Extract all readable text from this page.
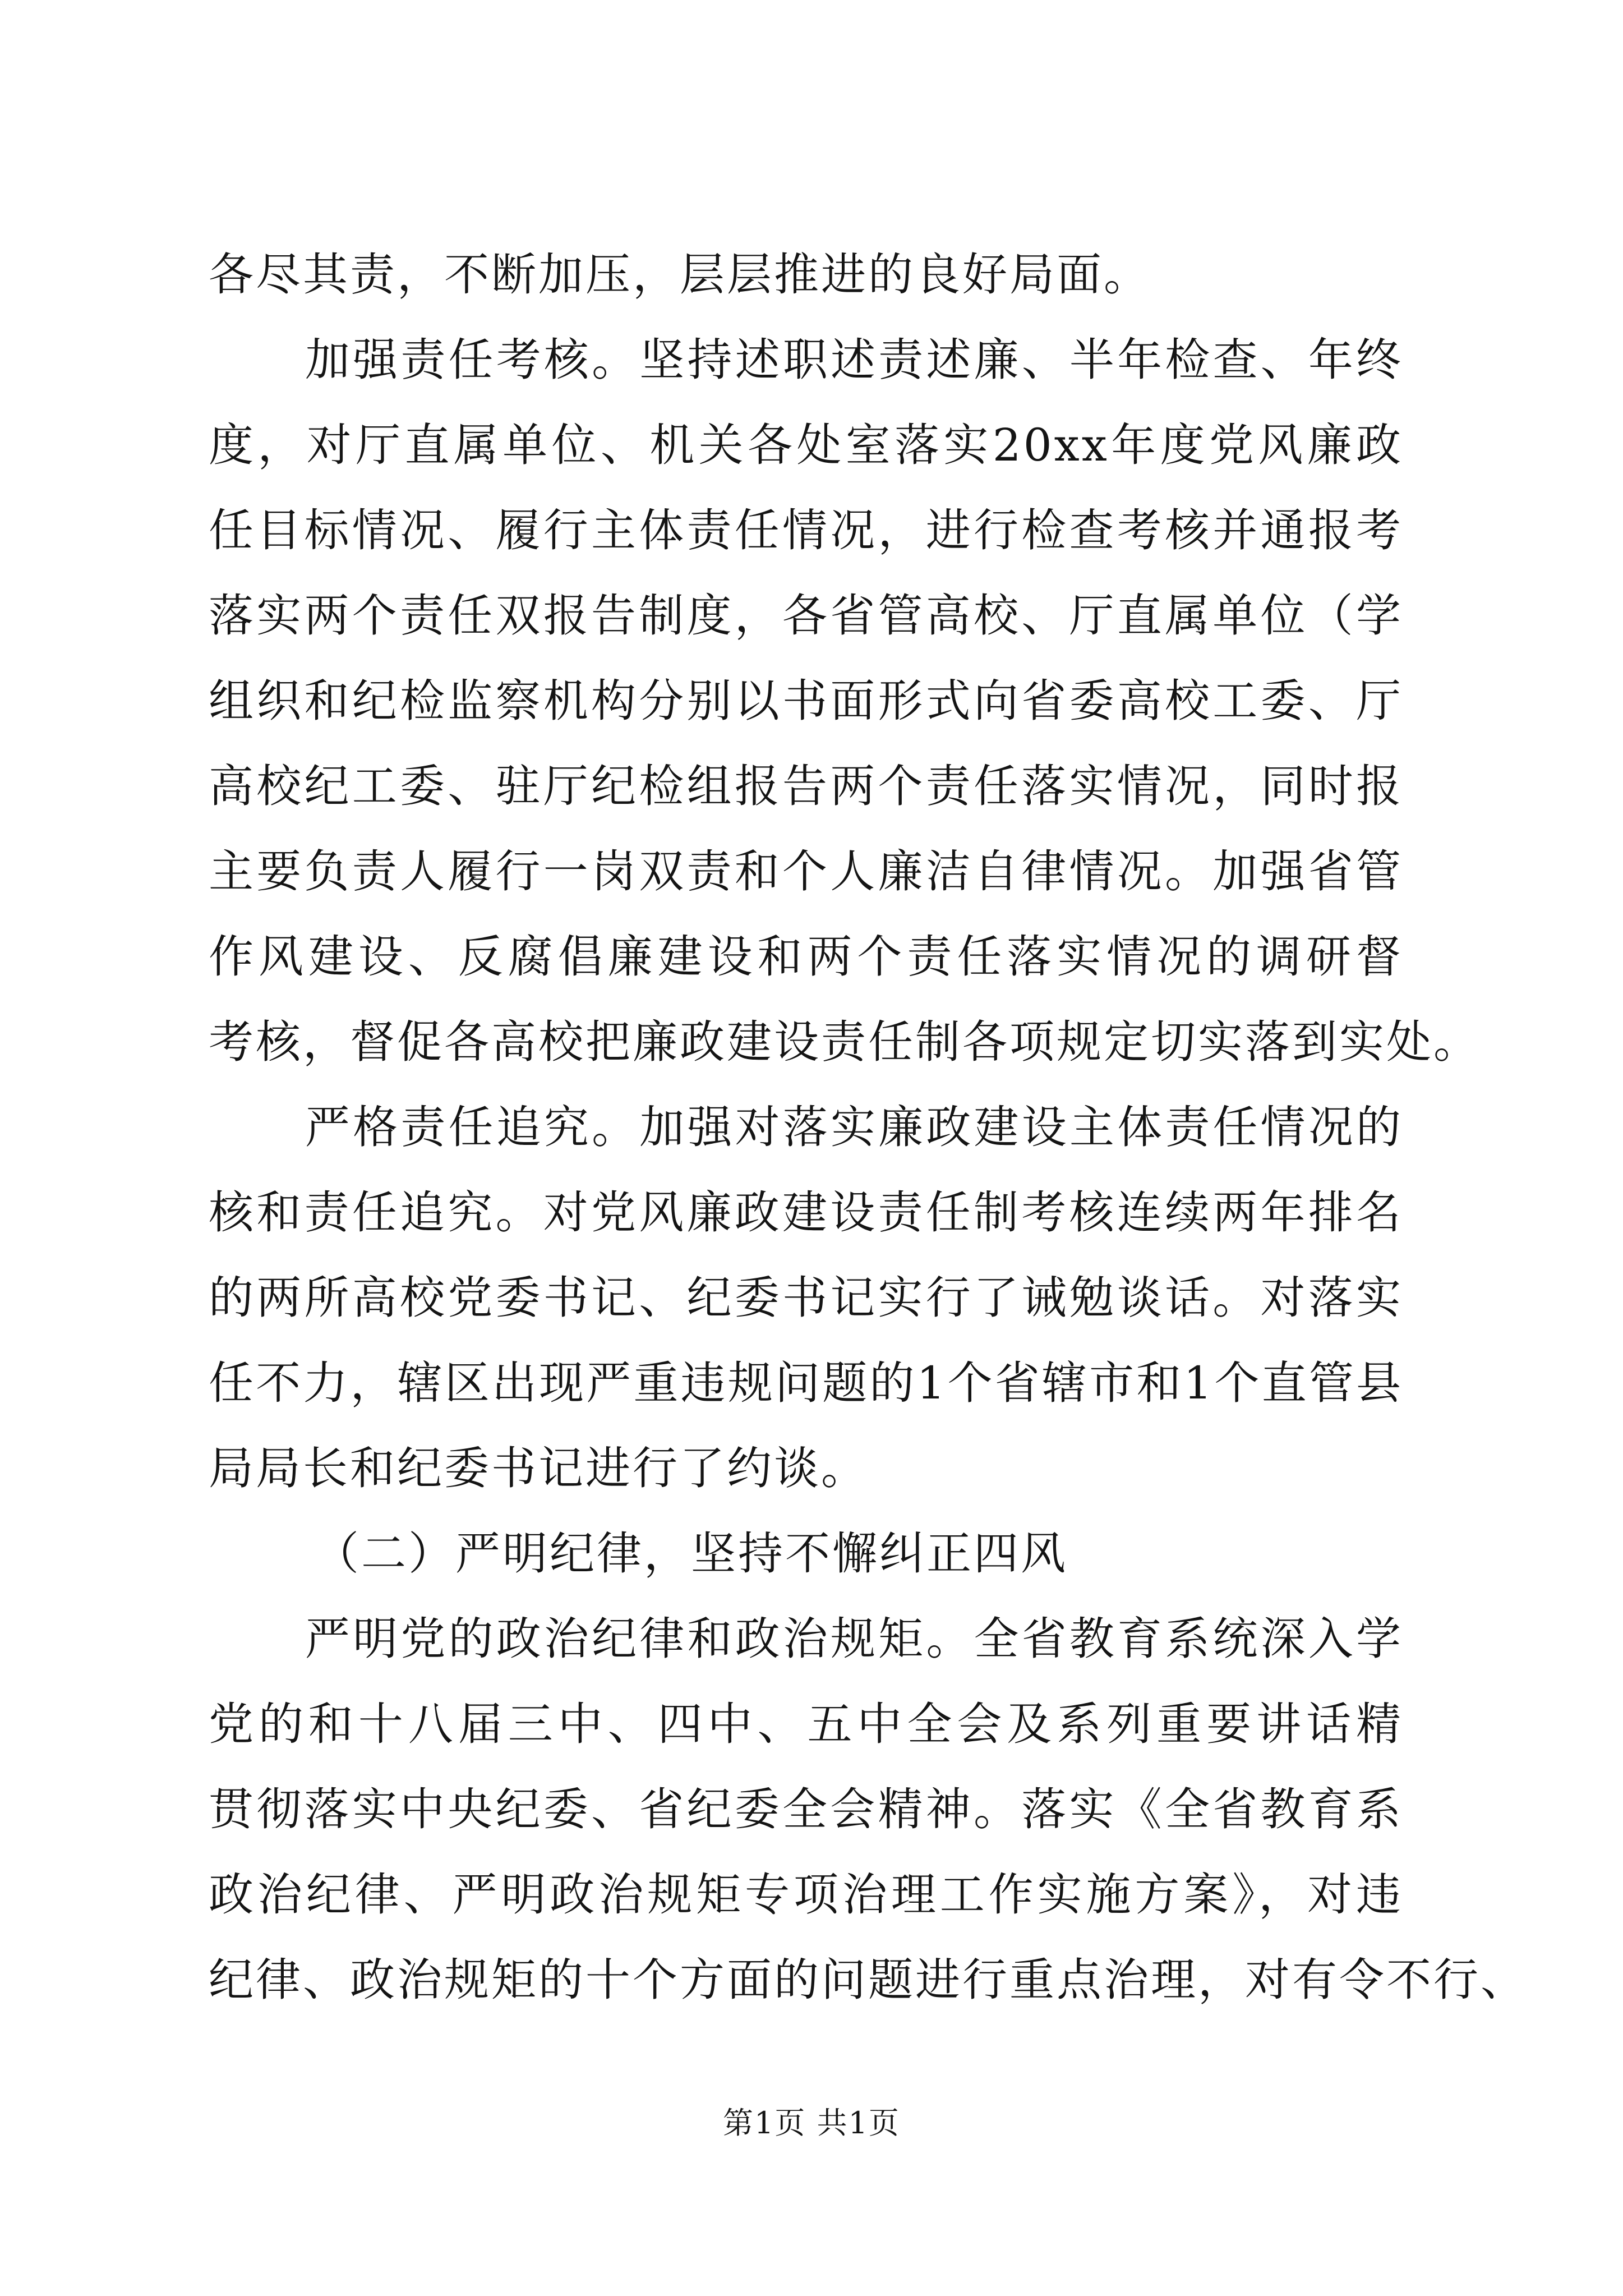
各尽其责，不断加压，层层推进的良好局面。
加强责任考核。坚持述职述责述廉、半年检查、年终
度，对厅直属单位、机关各处室落实20xx年度党风廉政
任目标情况、履行主体责任情况，进行检查考核并通报考
落实两个责任双报告制度，各省管高校、厅直属单位（学
组织和纪检监察机构分别以书面形式向省委高校工委、厅
高校纪工委、驻厅纪检组报告两个责任落实情况，同时报
主要负责人履行一岗双责和个人廉洁自律情况。加强省管
作风建设、反腐倡廉建设和两个责任落实情况的调研督
考核，督促各高校把廉政建设责任制各项规定切实落到实处。
严格责任追究。加强对落实廉政建设主体责任情况的
核和责任追究。对党风廉政建设责任制考核连续两年排名
的两所高校党委书记、纪委书记实行了诫勉谈话。对落实
任不力，辖区出现严重违规问题的1个省辖市和1个直管县
局局长和纪委书记进行了约谈。
（二）严明纪律，坚持不懈纠正四风
严明党的政治纪律和政治规矩。全省教育系统深入学
党的和十八届三中、四中、五中全会及系列重要讲话精
贯彻落实中央纪委、省纪委全会精神。落实《全省教育系
政治纪律、严明政治规矩专项治理工作实施方案》，对违
纪律、政治规矩的十个方面的问题进行重点治理，对有令不行、
第1页 共1页
